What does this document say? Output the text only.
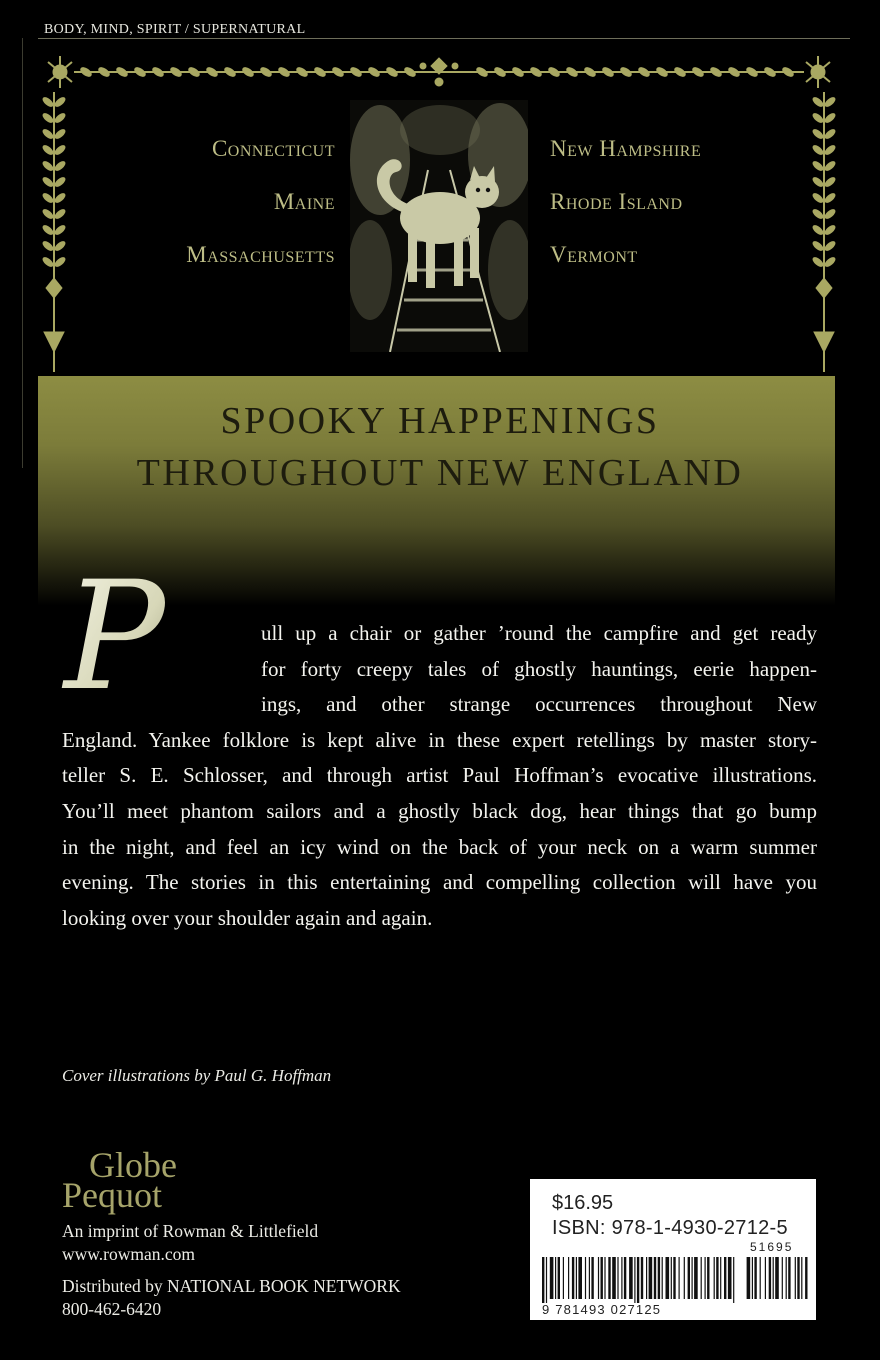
BODY, MIND, SPIRIT / SUPERNATURAL
Connecticut
Maine
Massachusetts
New Hampshire
Rhode Island
Vermont
SPOOKY HAPPENINGS
THROUGHOUT NEW ENGLAND
P	ull up a chair or gather ’round the campfire and get ready
for forty creepy tales of ghostly hauntings, eerie happen-
ings, and other strange occurrences throughout New
England. Yankee folklore is kept alive in these expert retellings by master story-
teller S. E. Schlosser, and through artist Paul Hoffman’s evocative illustrations.
You’ll meet phantom sailors and a ghostly black dog, hear things that go bump
in the night, and feel an icy wind on the back of your neck on a warm summer
evening. The stories in this entertaining and compelling collection will have you
looking over your shoulder again and again.
Cover illustrations by Paul G. Hoffman
Globe
Pequot
An imprint of Rowman & Littlefield
www.rowman.com
Distributed by NATIONAL BOOK NETWORK
800-462-6420
$16.95
ISBN: 978-1-4930-2712-5
51695
9 781493 027125
